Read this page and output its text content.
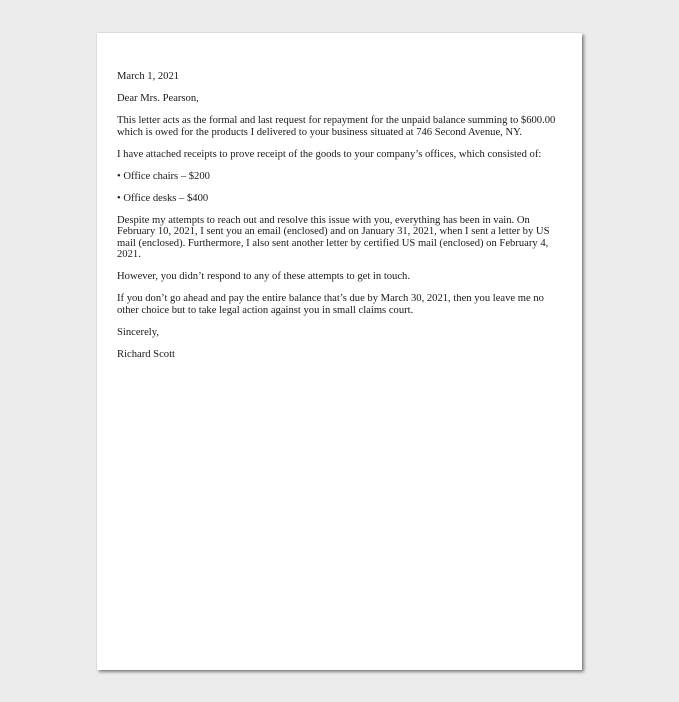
March 1, 2021

Dear Mrs. Pearson,

This letter acts as the formal and last request for repayment for the unpaid balance summing to $600.00 which is owed for the products I delivered to your business situated at 746 Second Avenue, NY.

I have attached receipts to prove receipt of the goods to your company’s offices, which consisted of:

• Office chairs – $200

• Office desks – $400

Despite my attempts to reach out and resolve this issue with you, everything has been in vain. On February 10, 2021, I sent you an email (enclosed) and on January 31, 2021, when I sent a letter by US mail (enclosed). Furthermore, I also sent another letter by certified US mail (enclosed) on February 4, 2021.

However, you didn’t respond to any of these attempts to get in touch.

If you don’t go ahead and pay the entire balance that’s due by March 30, 2021, then you leave me no other choice but to take legal action against you in small claims court.

Sincerely,

Richard Scott
